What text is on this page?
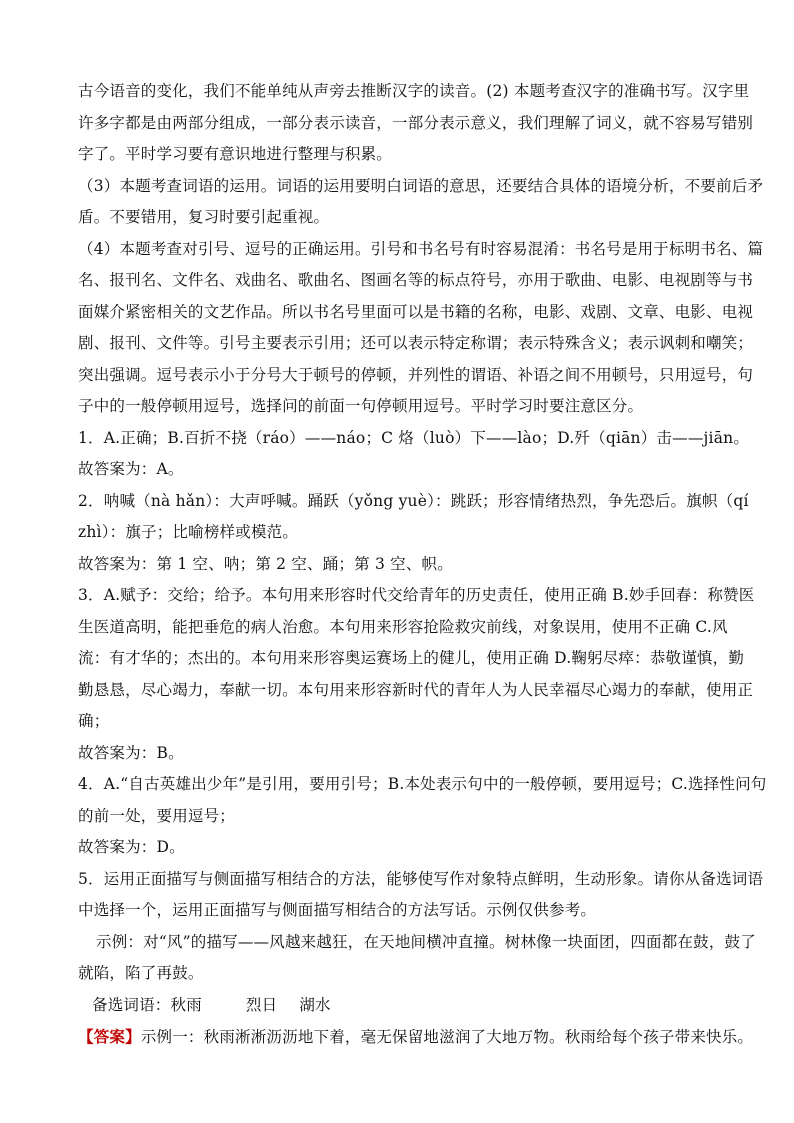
古今语音的变化，我们不能单纯从声旁去推断汉字的读音。(2) 本题考查汉字的准确书写。汉字里
许多字都是由两部分组成，一部分表示读音，一部分表示意义，我们理解了词义，就不容易写错别
字了。平时学习要有意识地进行整理与积累。
（3）本题考查词语的运用。词语的运用要明白词语的意思，还要结合具体的语境分析，不要前后矛
盾。不要错用，复习时要引起重视。
（4）本题考查对引号、逗号的正确运用。引号和书名号有时容易混淆：书名号是用于标明书名、篇
名、报刊名、文件名、戏曲名、歌曲名、图画名等的标点符号，亦用于歌曲、电影、电视剧等与书
面媒介紧密相关的文艺作品。所以书名号里面可以是书籍的名称，电影、戏剧、文章、电影、电视
剧、报刊、文件等。引号主要表示引用；还可以表示特定称谓；表示特殊含义；表示讽刺和嘲笑；
突出强调。逗号表示小于分号大于顿号的停顿，并列性的谓语、补语之间不用顿号，只用逗号，句
子中的一般停顿用逗号，选择问的前面一句停顿用逗号。平时学习时要注意区分。
1．A.正确；B.百折不挠（ráo）——náo；C 烙（luò）下——lào；D.歼（qiān）击——jiān。
故答案为：A。
2．呐喊（nà hǎn）：大声呼喊。踊跃（yǒng yuè）：跳跃；形容情绪热烈，争先恐后。旗帜（qí
zhì）：旗子；比喻榜样或模范。
故答案为：第 1 空、呐；第 2 空、踊；第 3 空、帜。
3．A.赋予：交给；给予。本句用来形容时代交给青年的历史责任，使用正确 B.妙手回春：称赞医
生医道高明，能把垂危的病人治愈。本句用来形容抢险救灾前线，对象误用，使用不正确 C.风
流：有才华的；杰出的。本句用来形容奥运赛场上的健儿，使用正确 D.鞠躬尽瘁：恭敬谨慎，勤
勤恳恳，尽心竭力，奉献一切。本句用来形容新时代的青年人为人民幸福尽心竭力的奉献，使用正
确；
故答案为：B。
4．A.“自古英雄出少年”是引用，要用引号；B.本处表示句中的一般停顿，要用逗号；C.选择性问句
的前一处，要用逗号；
故答案为：D。
5．运用正面描写与侧面描写相结合的方法，能够使写作对象特点鲜明，生动形象。请你从备选词语
中选择一个，运用正面描写与侧面描写相结合的方法写话。示例仅供参考。
示例：对“风”的描写——风越来越狂，在天地间横冲直撞。树林像一块面团，四面都在鼓，鼓了
就陷，陷了再鼓。
备选词语：秋雨	烈日 湖水
【答案】示例一：秋雨淅淅沥沥地下着，毫无保留地滋润了大地万物。秋雨给每个孩子带来快乐。
